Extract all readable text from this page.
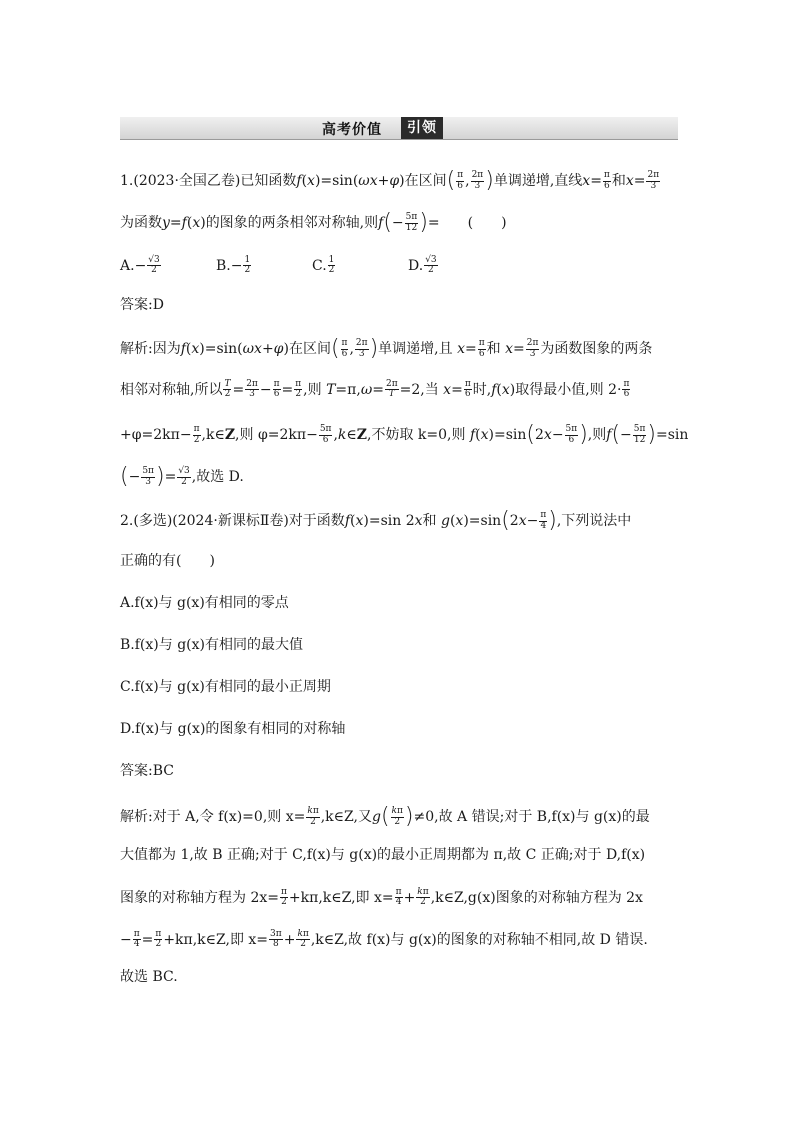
高考价值	引领
1.(2023·全国乙卷)已知函数f(x)=sin(ωx+φ)在区间( $\frac{\pi}{6}$ , $\frac{2\pi}{3}$ )单调递增,直线$x= \frac{\pi}{6}$ 和$x= \frac{2\pi}{3}$
为函数y=f(x)的图象的两条相邻对称轴,则$f(- \frac{5\pi}{12}$ )=　　(　　)
$A.- \frac{√3}{2}$	$B.- \frac{1}{2}$	C. $\frac{1}{2}$	D. $\frac{√3}{2}$
答案:D
解析:因为f(x)=sin(ωx+φ)在区间( $\frac{\pi}{6}$ , $\frac{2\pi}{3}$ )单调递增,且 $x= \frac{\pi}{6}$ 和 $x= \frac{2\pi}{3}$ 为函数图象的两条
相邻对称轴,所以 $\frac{T}{2} = \frac{2\pi}{3} - \frac{\pi}{6} = \frac{\pi}{2}$ ,则 $T=\pi,\omega= \frac{2\pi}{T} =2$,当 $x= \frac{\pi}{6}$ 时,f(x)取得最小值,则 $2\cdot \frac{\pi}{6}$
$+\varphi=2k\pi- \frac{\pi}{2}$ ,k∈Z,则 $\varphi=2k\pi- \frac{5\pi}{6}$ ,k∈Z,不妨取 k=0,则 $f(x)=\sin(2x- \frac{5\pi}{6}$ ),则$f(- \frac{5\pi}{12} )=\sin$
(− $\frac{5\pi}{3}$ )= $\frac{√3}{2}$ ,故选 D.
2.(多选)(2024·新课标Ⅱ卷)对于函数f(x)=sin 2x和 $g(x)=\sin(2x- \frac{\pi}{4}$ ),下列说法中
正确的有(　　)
A.f(x)与 g(x)有相同的零点
B.f(x)与 g(x)有相同的最大值
C.f(x)与 g(x)有相同的最小正周期
D.f(x)与 g(x)的图象有相同的对称轴
答案:BC
解析:对于 A,令 f(x)=0,则 $x= \frac{k\pi}{2}$ ,k∈Z,又$g( \frac{k\pi}{2} )\ne 0$,故 A 错误;对于 B,f(x)与 g(x)的最
大值都为 1,故 B 正确;对于 C,f(x)与 g(x)的最小正周期都为 π,故 C 正确;对于 D,f(x)
图象的对称轴方程为 $2x= \frac{\pi}{2}$ +kπ,k∈Z,即 $x= \frac{\pi}{4} + \frac{k\pi}{2}$ ,k∈Z,g(x)图象的对称轴方程为 2x
− $\frac{\pi}{4} = \frac{\pi}{2}$ +kπ,k∈Z,即 $x= \frac{3\pi}{8} + \frac{k\pi}{2}$ ,k∈Z,故 f(x)与 g(x)的图象的对称轴不相同,故 D 错误.
故选 BC.
